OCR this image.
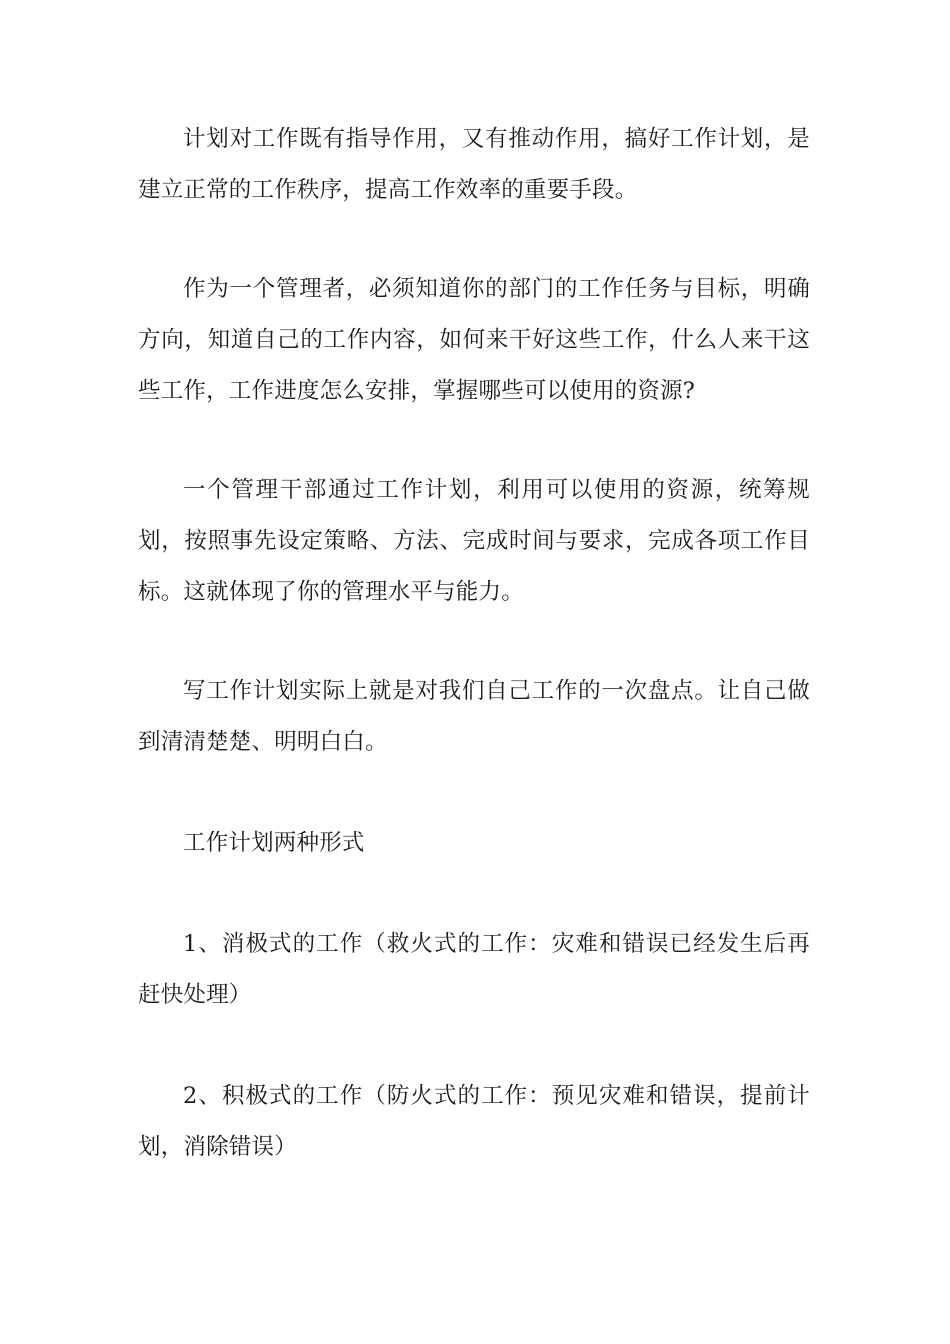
计划对工作既有指导作用，又有推动作用，搞好工作计划，是建立正常的工作秩序，提高工作效率的重要手段。

作为一个管理者，必须知道你的部门的工作任务与目标，明确方向，知道自己的工作内容，如何来干好这些工作，什么人来干这些工作，工作进度怎么安排，掌握哪些可以使用的资源?

一个管理干部通过工作计划，利用可以使用的资源，统筹规划，按照事先设定策略、方法、完成时间与要求，完成各项工作目标。这就体现了你的管理水平与能力。

写工作计划实际上就是对我们自己工作的一次盘点。让自己做到清清楚楚、明明白白。

工作计划两种形式

1、消极式的工作（救火式的工作：灾难和错误已经发生后再赶快处理）

2、积极式的工作（防火式的工作：预见灾难和错误，提前计划，消除错误）
